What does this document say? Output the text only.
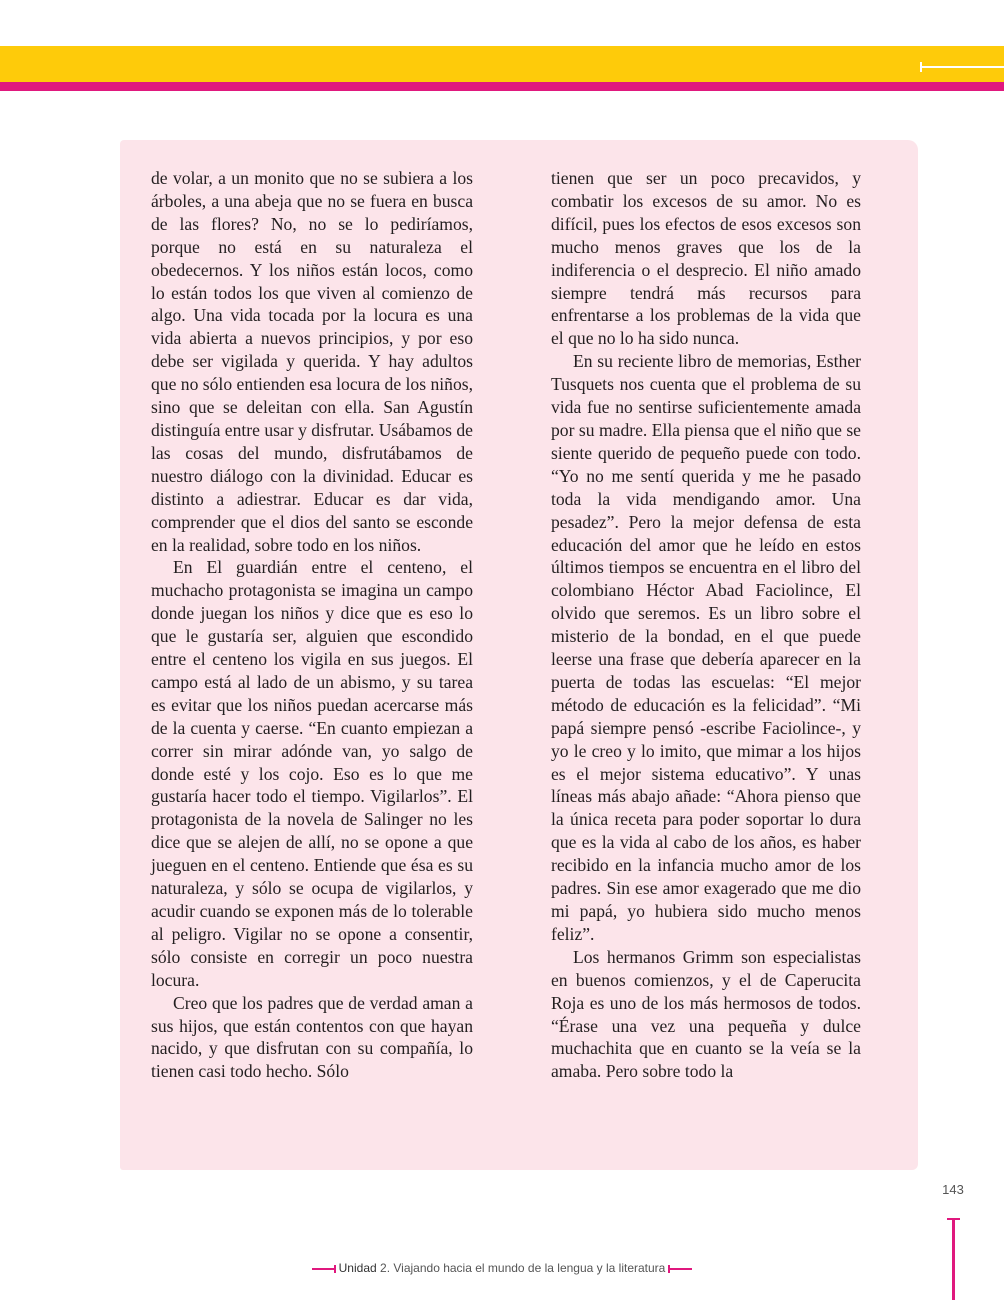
de volar, a un monito que no se subiera a los árboles, a una abeja que no se fuera en busca de las flores? No, no se lo pediríamos, porque no está en su naturaleza el obedecernos. Y los niños están locos, como lo están todos los que viven al comienzo de algo. Una vida tocada por la locura es una vida abierta a nuevos principios, y por eso debe ser vigilada y querida. Y hay adultos que no sólo entienden esa locura de los niños, sino que se deleitan con ella. San Agustín distinguía entre usar y disfrutar. Usábamos de las cosas del mundo, disfrutábamos de nuestro diálogo con la divinidad. Educar es distinto a adiestrar. Educar es dar vida, comprender que el dios del santo se esconde en la realidad, sobre todo en los niños.

En El guardián entre el centeno, el muchacho protagonista se imagina un campo donde juegan los niños y dice que es eso lo que le gustaría ser, alguien que escondido entre el centeno los vigila en sus juegos. El campo está al lado de un abismo, y su tarea es evitar que los niños puedan acercarse más de la cuenta y caerse. “En cuanto empiezan a correr sin mirar adónde van, yo salgo de donde esté y los cojo. Eso es lo que me gustaría hacer todo el tiempo. Vigilarlos”. El protagonista de la novela de Salinger no les dice que se alejen de allí, no se opone a que jueguen en el centeno. Entiende que ésa es su naturaleza, y sólo se ocupa de vigilarlos, y acudir cuando se exponen más de lo tolerable al peligro. Vigilar no se opone a consentir, sólo consiste en corregir un poco nuestra locura.

Creo que los padres que de verdad aman a sus hijos, que están contentos con que hayan nacido, y que disfrutan con su compañía, lo tienen casi todo hecho. Sólo

tienen que ser un poco precavidos, y combatir los excesos de su amor. No es difícil, pues los efectos de esos excesos son mucho menos graves que los de la indiferencia o el desprecio. El niño amado siempre tendrá más recursos para enfrentarse a los problemas de la vida que el que no lo ha sido nunca.

En su reciente libro de memorias, Esther Tusquets nos cuenta que el problema de su vida fue no sentirse suficientemente amada por su madre. Ella piensa que el niño que se siente querido de pequeño puede con todo. “Yo no me sentí querida y me he pasado toda la vida mendigando amor. Una pesadez”. Pero la mejor defensa de esta educación del amor que he leído en estos últimos tiempos se encuentra en el libro del colombiano Héctor Abad Faciolince, El olvido que seremos. Es un libro sobre el misterio de la bondad, en el que puede leerse una frase que debería aparecer en la puerta de todas las escuelas: “El mejor método de educación es la felicidad”. “Mi papá siempre pensó -escribe Faciolince-, y yo le creo y lo imito, que mimar a los hijos es el mejor sistema educativo”. Y unas líneas más abajo añade: “Ahora pienso que la única receta para poder soportar lo dura que es la vida al cabo de los años, es haber recibido en la infancia mucho amor de los padres. Sin ese amor exagerado que me dio mi papá, yo hubiera sido mucho menos feliz”.

Los hermanos Grimm son especialistas en buenos comienzos, y el de Caperucita Roja es uno de los más hermosos de todos. “Érase una vez una pequeña y dulce muchachita que en cuanto se la veía se la amaba. Pero sobre todo la

143
Unidad 2. Viajando hacia el mundo de la lengua y la literatura
